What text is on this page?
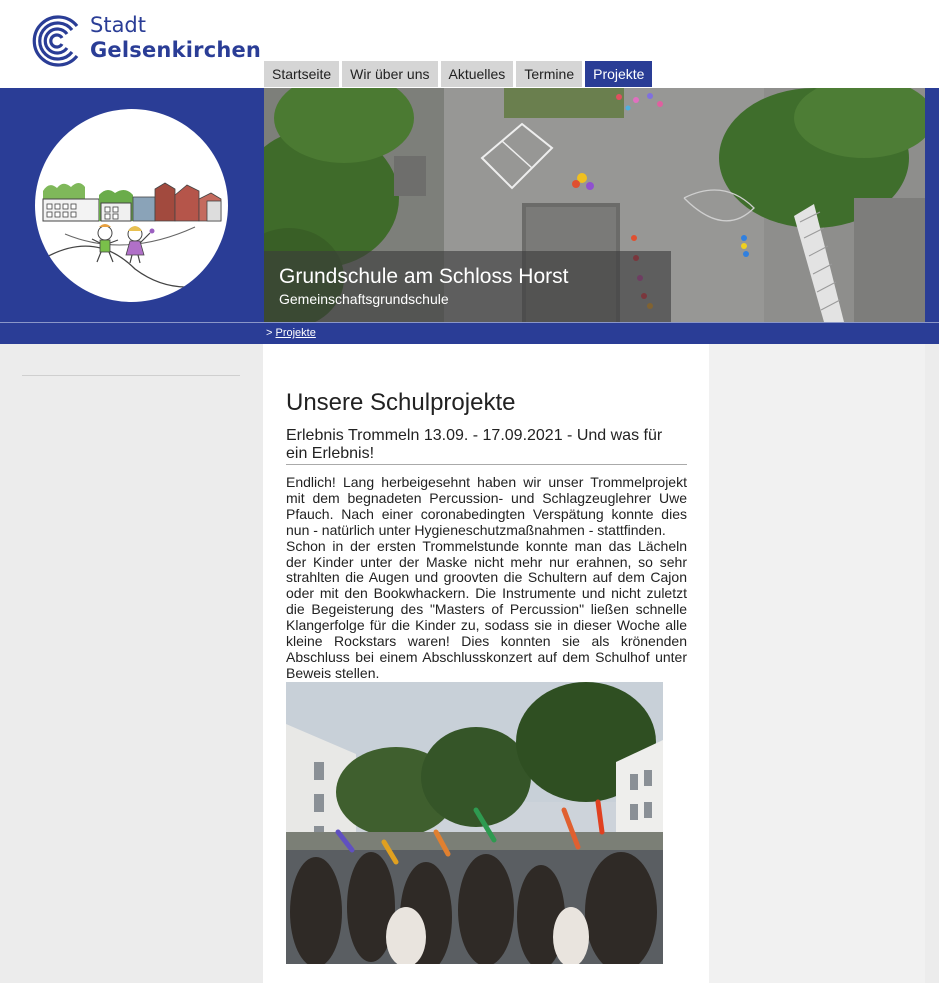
Stadt
Gelsenkirchen
Startseite	Wir über uns	Aktuelles	Termine	Projekte
Grundschule am Schloss Horst
Gemeinschaftsgrundschule
> Projekte
Unsere Schulprojekte
Erlebnis Trommeln 13.09. - 17.09.2021 - Und was für ein Erlebnis!

Endlich! Lang herbeigesehnt haben wir unser Trommelprojekt mit dem begnadeten Percussion- und Schlagzeuglehrer Uwe Pfauch. Nach einer coronabedingten Verspätung konnte dies nun - natürlich unter Hygieneschutzmaßnahmen - stattfinden.

Schon in der ersten Trommelstunde konnte man das Lächeln der Kinder unter der Maske nicht mehr nur erahnen, so sehr strahlten die Augen und groovten die Schultern auf dem Cajon oder mit den Bookwhackern. Die Instrumente und nicht zuletzt die Begeisterung des "Masters of Percussion" ließen schnelle Klangerfolge für die Kinder zu, sodass sie in dieser Woche alle kleine Rockstars waren! Dies konnten sie als krönenden Abschluss bei einem Abschlusskonzert auf dem Schulhof unter Beweis stellen.
